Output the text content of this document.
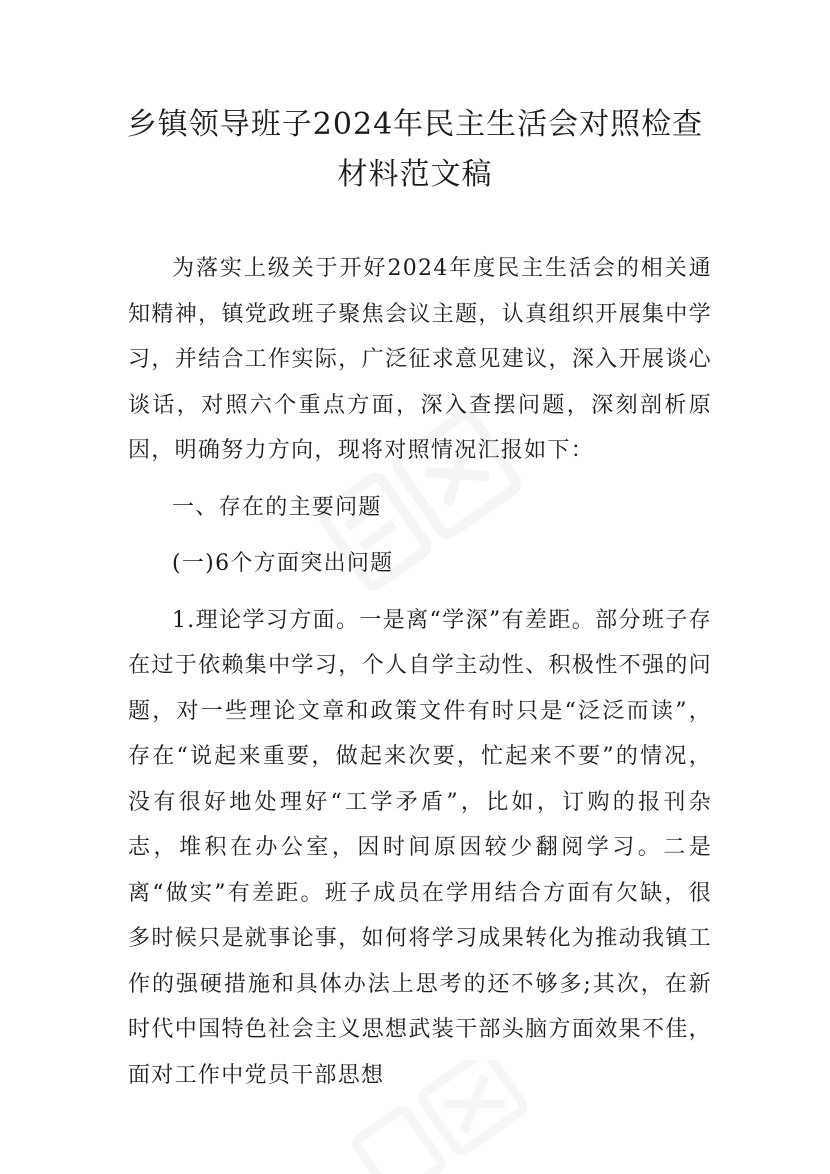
乡镇领导班子2024年民主生活会对照检查
材料范文稿

为落实上级关于开好2024年度民主生活会的相关通知精神，镇党政班子聚焦会议主题，认真组织开展集中学习，并结合工作实际，广泛征求意见建议，深入开展谈心谈话，对照六个重点方面，深入查摆问题，深刻剖析原因，明确努力方向，现将对照情况汇报如下：

一、存在的主要问题

(一)6个方面突出问题

1.理论学习方面。一是离“学深”有差距。部分班子存在过于依赖集中学习，个人自学主动性、积极性不强的问题，对一些理论文章和政策文件有时只是“泛泛而读”，存在“说起来重要，做起来次要，忙起来不要”的情况，没有很好地处理好“工学矛盾”，比如，订购的报刊杂志，堆积在办公室，因时间原因较少翻阅学习。二是离“做实”有差距。班子成员在学用结合方面有欠缺，很多时候只是就事论事，如何将学习成果转化为推动我镇工作的强硬措施和具体办法上思考的还不够多;其次，在新时代中国特色社会主义思想武装干部头脑方面效果不佳，面对工作中党员干部思想
